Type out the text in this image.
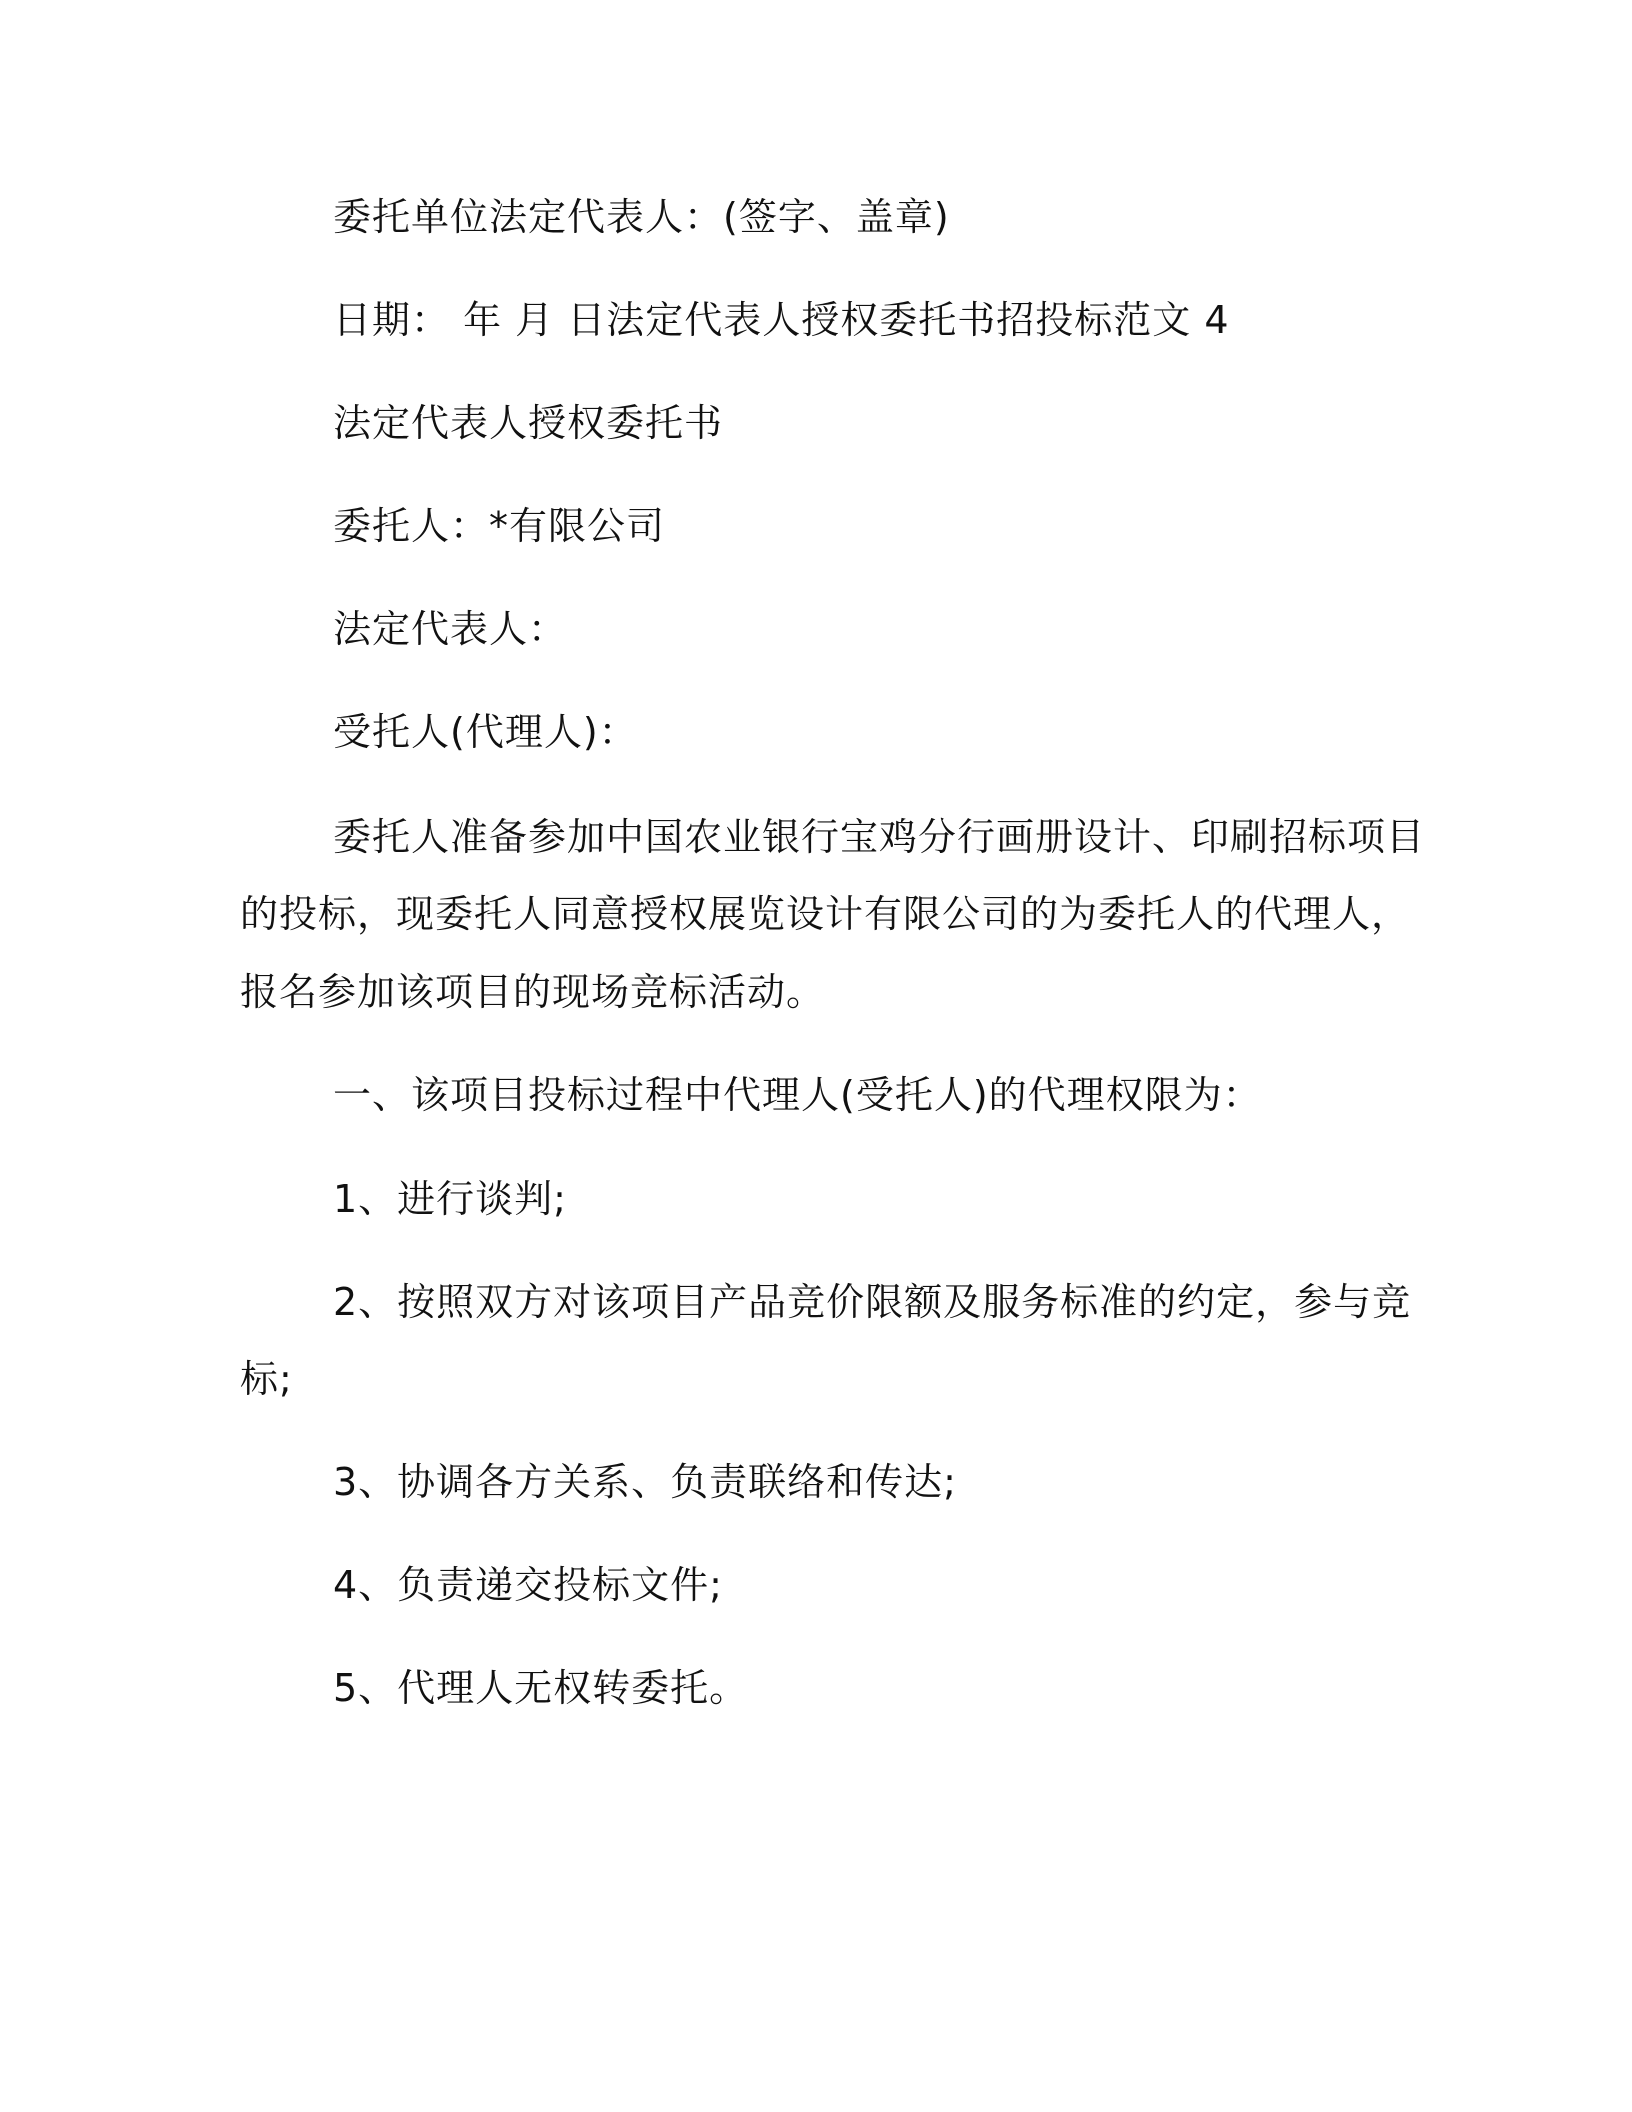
委托单位法定代表人：(签字、盖章)
日期： 年 月 日法定代表人授权委托书招投标范文 4
法定代表人授权委托书
委托人：*有限公司
法定代表人：
受托人(代理人)：
委托人准备参加中国农业银行宝鸡分行画册设计、印刷招标项目
的投标，现委托人同意授权展览设计有限公司的为委托人的代理人，
报名参加该项目的现场竞标活动。
一、该项目投标过程中代理人(受托人)的代理权限为：
1、进行谈判;
2、按照双方对该项目产品竞价限额及服务标准的约定，参与竞
标;
3、协调各方关系、负责联络和传达;
4、负责递交投标文件;
5、代理人无权转委托。
